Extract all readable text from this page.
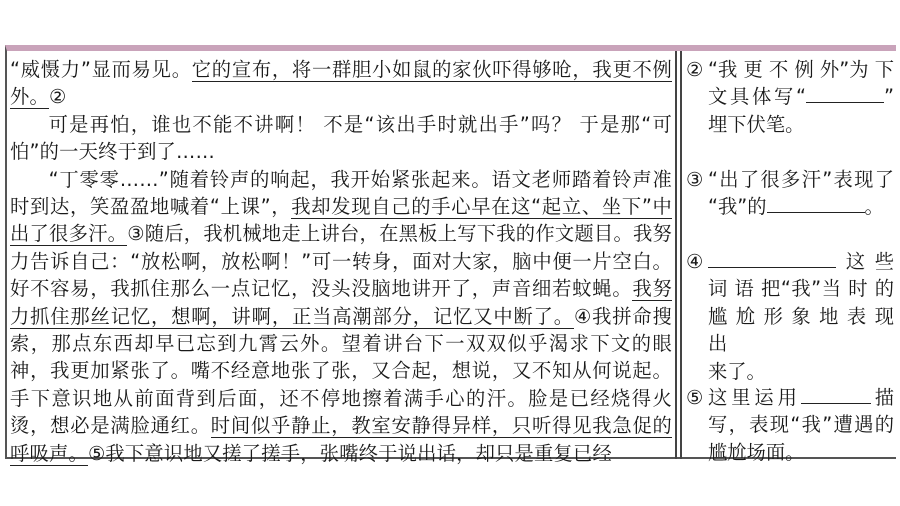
“威慑力”显而易见。它的宣布，将一群胆小如鼠的家伙吓得够呛，我更不例外。②

可是再怕，谁也不能不讲啊！ 不是“该出手时就出手”吗？ 于是那“可怕”的一天终于到了……

“丁零零……”随着铃声的响起，我开始紧张起来。语文老师踏着铃声准时到达，笑盈盈地喊着“上课”，我却发现自己的手心早在这“起立、坐下”中出了很多汗。③随后，我机械地走上讲台，在黑板上写下我的作文题目。我努力告诉自己：“放松啊，放松啊！”可一转身，面对大家，脑中便一片空白。好不容易，我抓住那么一点记忆，没头没脑地讲开了，声音细若蚊蝇。我努力抓住那丝记忆，想啊，讲啊，正当高潮部分，记忆又中断了。④我拼命搜索，那点东西却早已忘到九霄云外。望着讲台下一双双似乎渴求下文的眼神，我更加紧张了。嘴不经意地张了张，又合起，想说，又不知从何说起。手下意识地从前面背到后面，还不停地擦着满手心的汗。脸是已经烧得火烫，想必是满脸通红。时间似乎静止，教室安静得异样，只听得见我急促的呼吸声。⑤我下意识地又搓了搓手，张嘴终于说出话，却只是重复已经

② “我 更 不 例 外”为 下
文具体写“	”
埋下伏笔。
③ “出了很多汗”表现了
“我”的	。
④	这些
词 语 把“我”当 时 的
尴 尬 形 象 地 表 现 出
来了。
⑤ 这里运用	描
写，表现“我”遭遇的
尴尬场面。
